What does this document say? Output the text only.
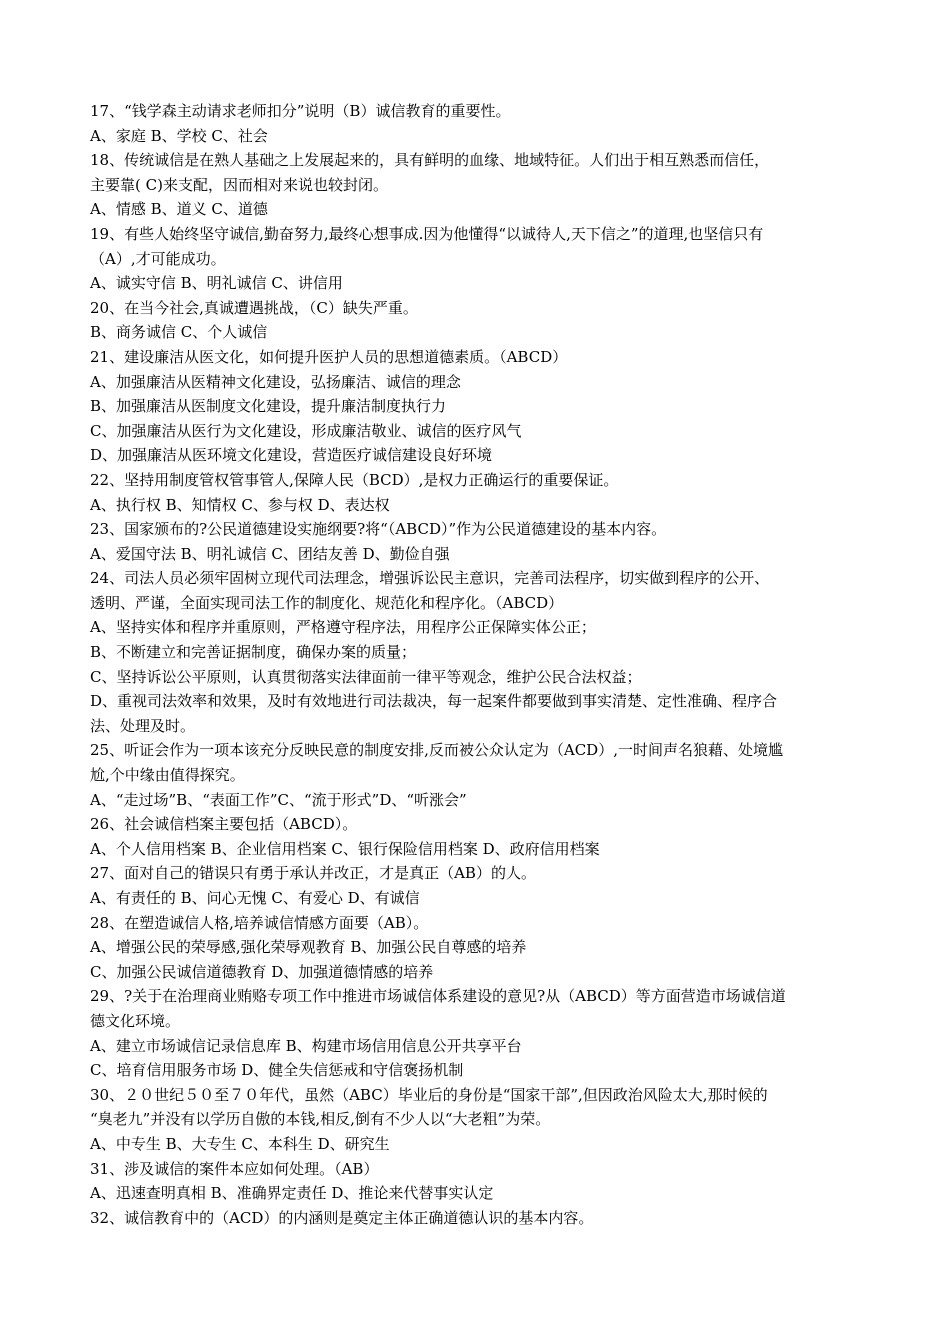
17、“钱学森主动请求老师扣分”说明（B）诚信教育的重要性。
A、家庭 B、学校 C、社会
18、传统诚信是在熟人基础之上发展起来的，具有鲜明的血缘、地域特征。人们出于相互熟悉而信任，
主要靠( C)来支配，因而相对来说也较封闭。
A、情感 B、道义 C、道德
19、有些人始终坚守诚信,勤奋努力,最终心想事成.因为他懂得“以诚待人,天下信之”的道理,也坚信只有
（A）,才可能成功。
A、诚实守信 B、明礼诚信 C、讲信用
20、在当今社会,真诚遭遇挑战，（C）缺失严重。
B、商务诚信 C、个人诚信
21、建设廉洁从医文化，如何提升医护人员的思想道德素质。（ABCD）
A、加强廉洁从医精神文化建设，弘扬廉洁、诚信的理念
B、加强廉洁从医制度文化建设，提升廉洁制度执行力
C、加强廉洁从医行为文化建设，形成廉洁敬业、诚信的医疗风气
D、加强廉洁从医环境文化建设，营造医疗诚信建设良好环境
22、坚持用制度管权管事管人,保障人民（BCD）,是权力正确运行的重要保证。
A、执行权 B、知情权 C、参与权 D、表达权
23、国家颁布的?公民道德建设实施纲要?将“（ABCD）”作为公民道德建设的基本内容。
A、爱国守法 B、明礼诚信 C、团结友善 D、勤俭自强
24、司法人员必须牢固树立现代司法理念，增强诉讼民主意识，完善司法程序，切实做到程序的公开、
透明、严谨，全面实现司法工作的制度化、规范化和程序化。（ABCD）
A、坚持实体和程序并重原则，严格遵守程序法，用程序公正保障实体公正；
B、不断建立和完善证据制度，确保办案的质量；
C、坚持诉讼公平原则，认真贯彻落实法律面前一律平等观念，维护公民合法权益；
D、重视司法效率和效果，及时有效地进行司法裁决，每一起案件都要做到事实清楚、定性准确、程序合
法、处理及时。
25、听证会作为一项本该充分反映民意的制度安排,反而被公众认定为（ACD）,一时间声名狼藉、处境尴
尬,个中缘由值得探究。
A、“走过场”B、“表面工作”C、“流于形式”D、“听涨会”
26、社会诚信档案主要包括（ABCD）。
A、个人信用档案 B、企业信用档案 C、银行保险信用档案 D、政府信用档案
27、面对自己的错误只有勇于承认并改正，才是真正（AB）的人。
A、有责任的 B、问心无愧 C、有爱心 D、有诚信
28、在塑造诚信人格,培养诚信情感方面要（AB）。
A、增强公民的荣辱感,强化荣辱观教育 B、加强公民自尊感的培养
C、加强公民诚信道德教育 D、加强道德情感的培养
29、?关于在治理商业贿赂专项工作中推进市场诚信体系建设的意见?从（ABCD）等方面营造市场诚信道
德文化环境。
A、建立市场诚信记录信息库 B、构建市场信用信息公开共享平台
C、培育信用服务市场 D、健全失信惩戒和守信褒扬机制
30、２０世纪５０至７０年代，虽然（ABC）毕业后的身份是“国家干部”,但因政治风险太大,那时候的
“臭老九”并没有以学历自傲的本钱,相反,倒有不少人以“大老粗”为荣。
A、中专生 B、大专生 C、本科生 D、研究生
31、涉及诚信的案件本应如何处理。（AB）
A、迅速查明真相 B、准确界定责任 D、推论来代替事实认定
32、诚信教育中的（ACD）的内涵则是奠定主体正确道德认识的基本内容。
